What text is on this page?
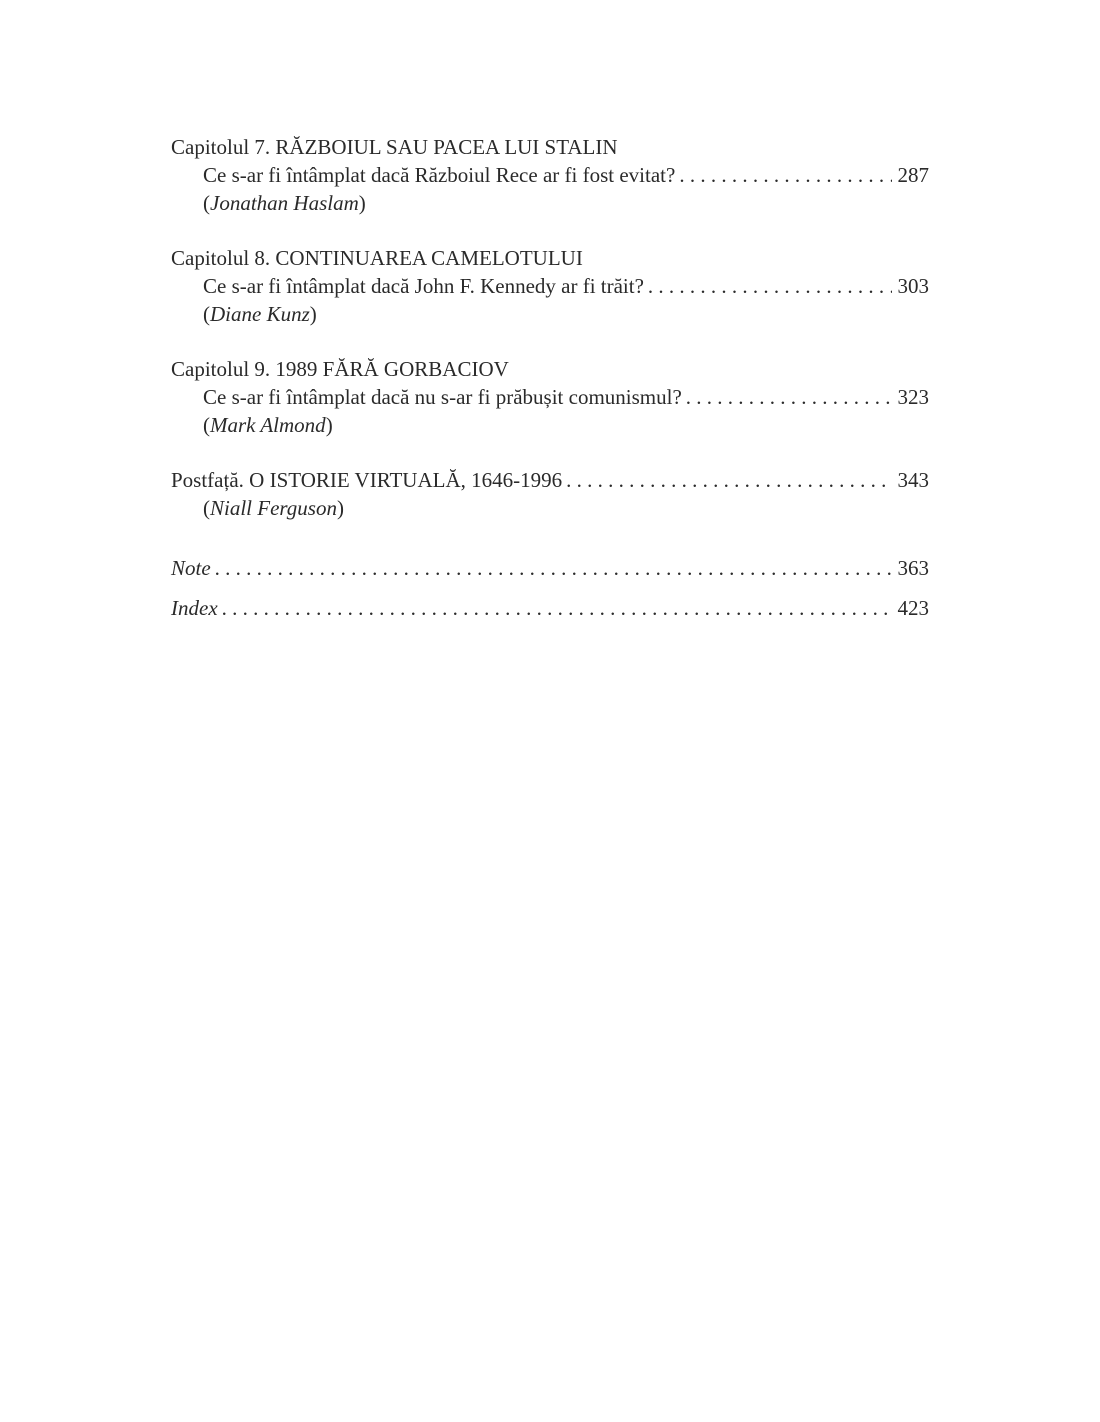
Capitolul 7. RĂZBOIUL SAU PACEA LUI STALIN
Ce s-ar fi întâmplat dacă Războiul Rece ar fi fost evitat? . . .	287
( Jonathan Haslam )
Capitolul 8. CONTINUAREA CAMELOTULUI
Ce s-ar fi întâmplat dacă John F. Kennedy ar fi trăit? . . .	303
( Diane Kunz )
Capitolul 9. 1989 FĂRĂ GORBACIOV
Ce s-ar fi întâmplat dacă nu s-ar fi prăbușit comunismul? . . .	323
( Mark Almond )
Postfață. O ISTORIE VIRTUALĂ, 1646-1996 . . .	343
( Niall Ferguson )
Note . . .	363
Index . . .	423
